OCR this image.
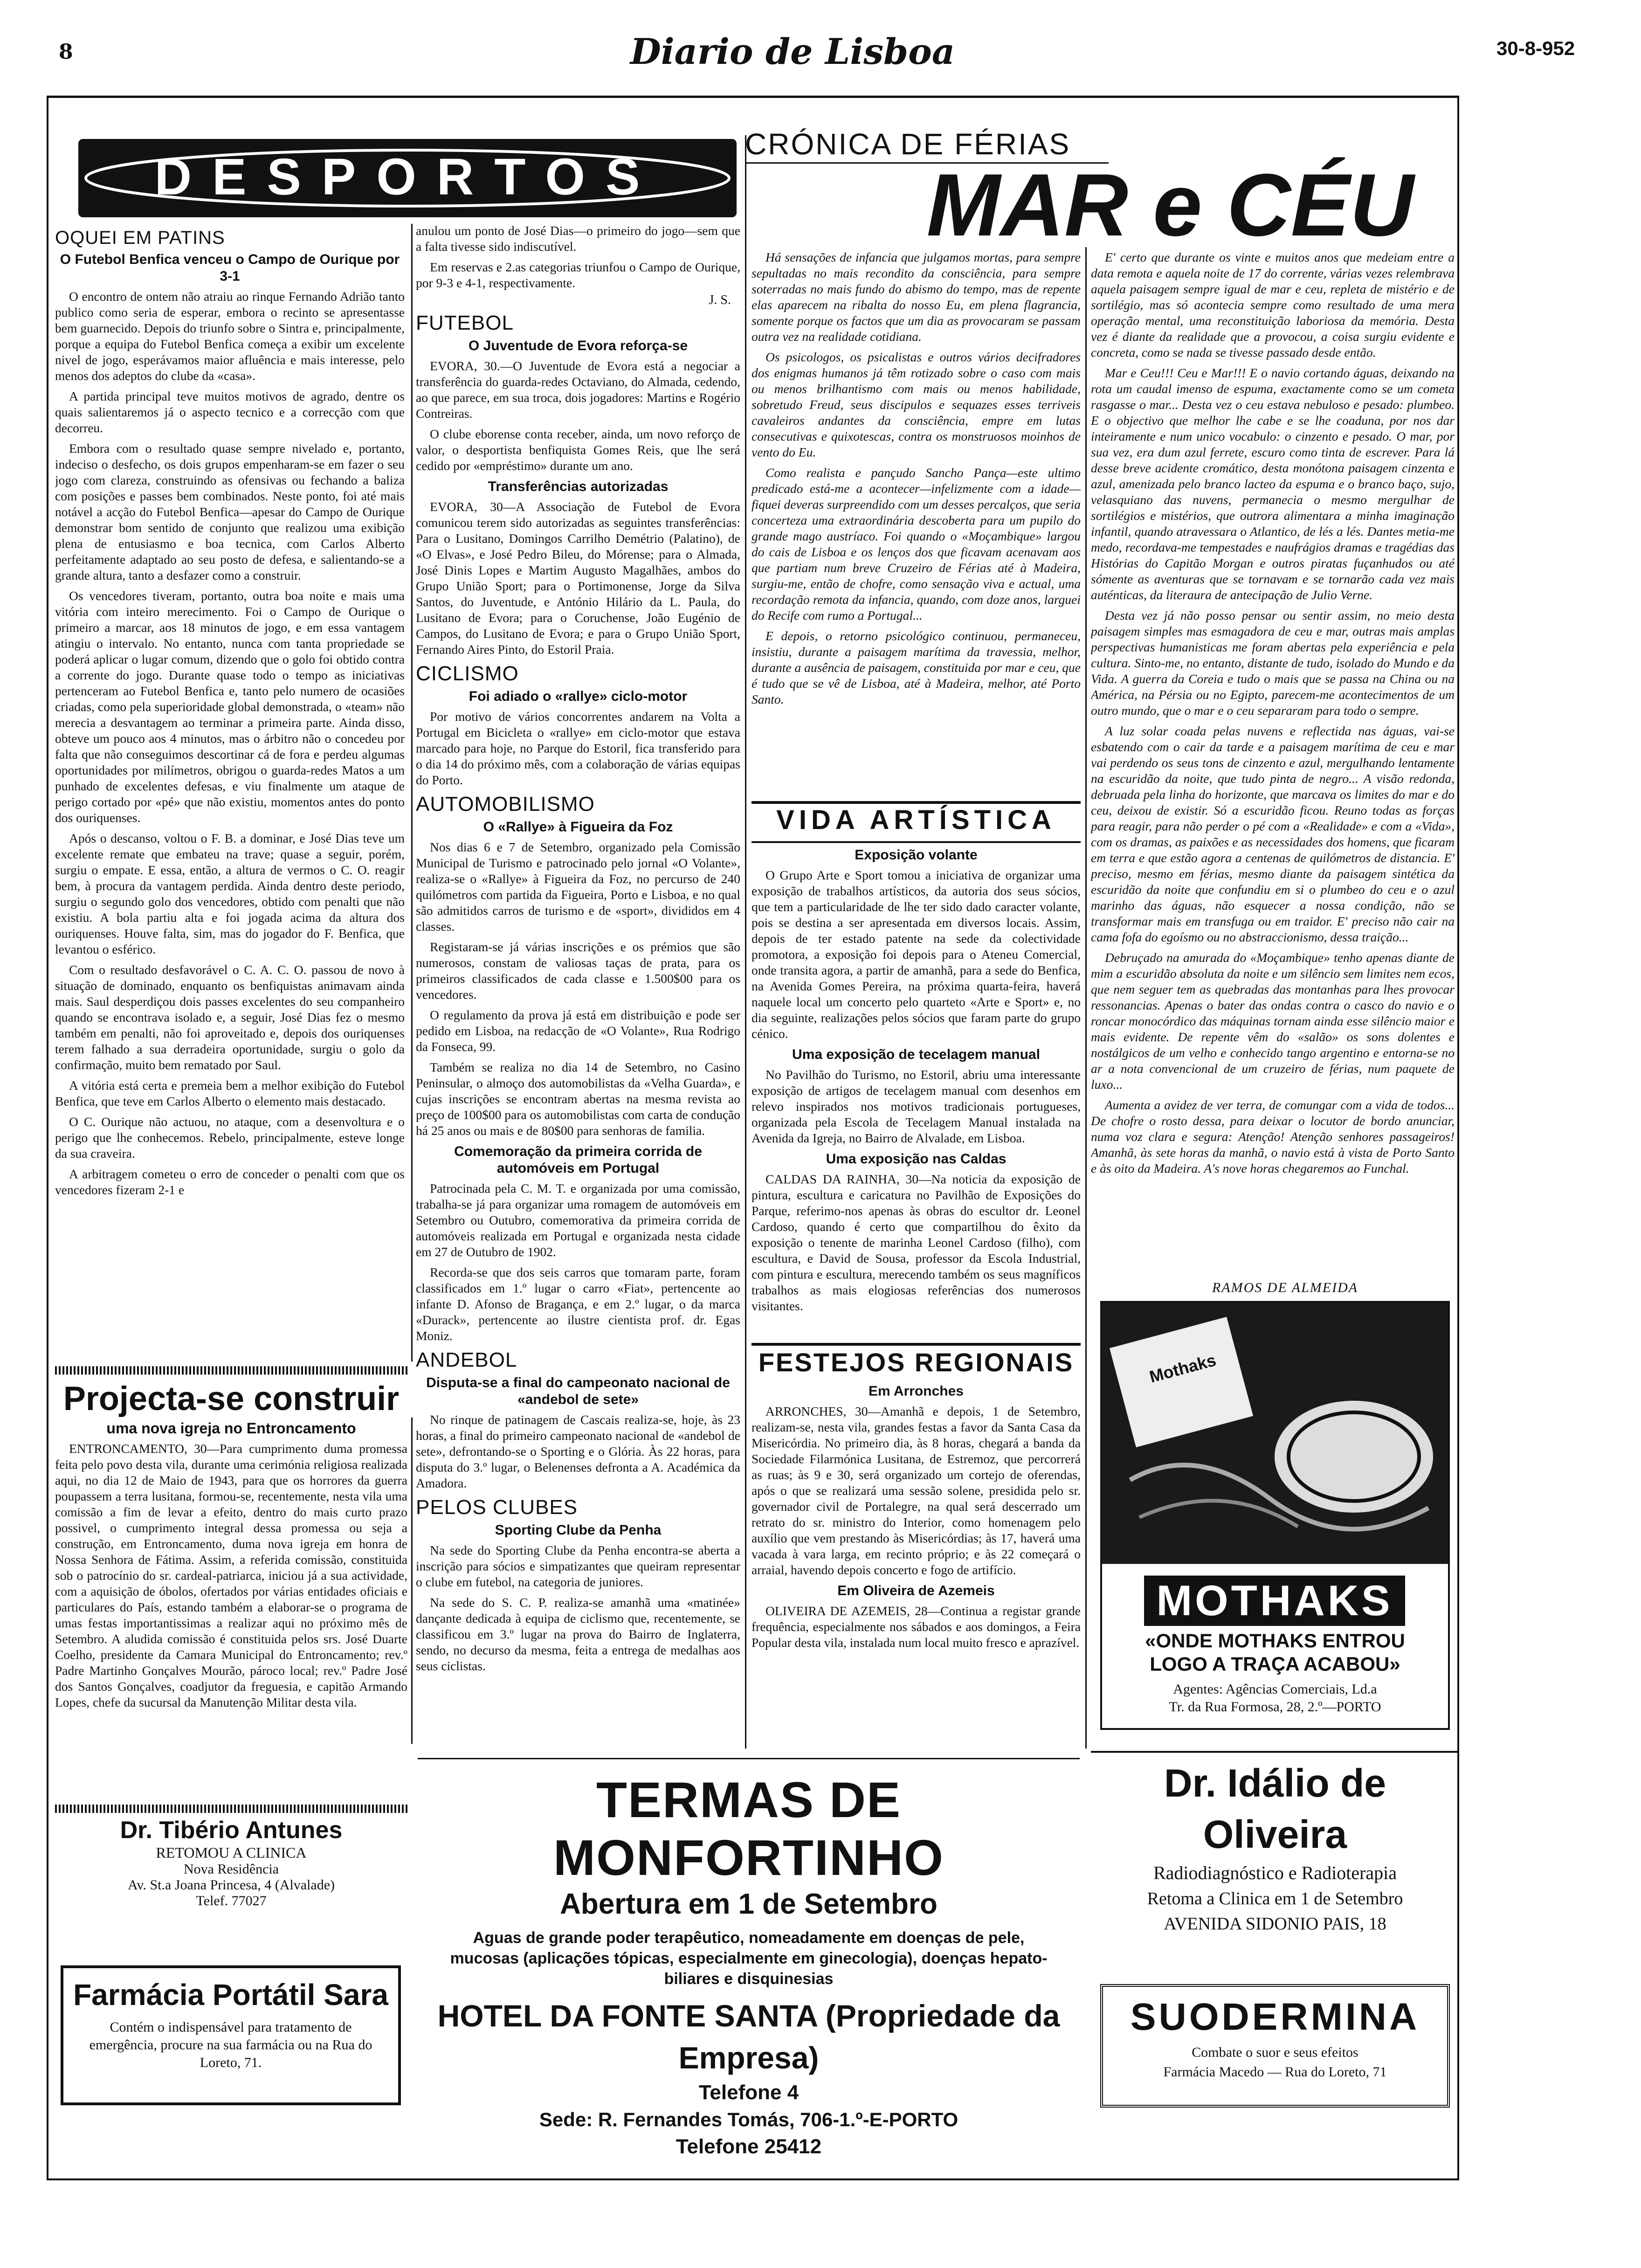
8	Diario de Lisboa	30-8-952
DESPORTOS
OQUEI EM PATINS
O Futebol Benfica venceu o Campo de Ourique por 3-1

O encontro de ontem não atraiu ao rinque Fernando Adrião tanto publico como seria de esperar, embora o recinto se apresentasse bem guarnecido. Depois do triunfo sobre o Sintra e, principalmente, porque a equipa do Futebol Benfica começa a exibir um excelente nivel de jogo, esperávamos maior afluência e mais interesse, pelo menos dos adeptos do clube da «casa».

A partida principal teve muitos motivos de agrado, dentre os quais salientaremos já o aspecto tecnico e a correcção com que decorreu.

Embora com o resultado quase sempre nivelado e, portanto, indeciso o desfecho, os dois grupos empenharam-se em fazer o seu jogo com clareza, construindo as ofensivas ou fechando a baliza com posições e passes bem combinados. Neste ponto, foi até mais notável a acção do Futebol Benfica—apesar do Campo de Ourique demonstrar bom sentido de conjunto que realizou uma exibição plena de entusiasmo e boa tecnica, com Carlos Alberto perfeitamente adaptado ao seu posto de defesa, e salientando-se a grande altura, tanto a desfazer como a construir.

Os vencedores tiveram, portanto, outra boa noite e mais uma vitória com inteiro merecimento. Foi o Campo de Ourique o primeiro a marcar, aos 18 minutos de jogo, e em essa vantagem atingiu o intervalo. No entanto, nunca com tanta propriedade se poderá aplicar o lugar comum, dizendo que o golo foi obtido contra a corrente do jogo. Durante quase todo o tempo as iniciativas pertenceram ao Futebol Benfica e, tanto pelo numero de ocasiões criadas, como pela superioridade global demonstrada, o «team» não merecia a desvantagem ao terminar a primeira parte. Ainda disso, obteve um pouco aos 4 minutos, mas o árbitro não o concedeu por falta que não conseguimos descortinar cá de fora e perdeu algumas oportunidades por milímetros, obrigou o guarda-redes Matos a um punhado de excelentes defesas, e viu finalmente um ataque de perigo cortado por «pé» que não existiu, momentos antes do ponto dos ouriquenses.

Após o descanso, voltou o F. B. a dominar, e José Dias teve um excelente remate que embateu na trave; quase a seguir, porém, surgiu o empate. E essa, então, a altura de vermos o C. O. reagir bem, à procura da vantagem perdida. Ainda dentro deste periodo, surgiu o segundo golo dos vencedores, obtido com penalti que não existiu. A bola partiu alta e foi jogada acima da altura dos ouriquenses. Houve falta, sim, mas do jogador do F. Benfica, que levantou o esférico.

Com o resultado desfavorável o C. A. C. O. passou de novo à situação de dominado, enquanto os benfiquistas animavam ainda mais. Saul desperdiçou dois passes excelentes do seu companheiro quando se encontrava isolado e, a seguir, José Dias fez o mesmo também em penalti, não foi aproveitado e, depois dos ouriquenses terem falhado a sua derradeira oportunidade, surgiu o golo da confirmação, muito bem rematado por Saul.

A vitória está certa e premeia bem a melhor exibição do Futebol Benfica, que teve em Carlos Alberto o elemento mais destacado.

O C. Ourique não actuou, no ataque, com a desenvoltura e o perigo que lhe conhecemos. Rebelo, principalmente, esteve longe da sua craveira.

A arbitragem cometeu o erro de conceder o penalti com que os vencedores fizeram 2-1 e

anulou um ponto de José Dias—o primeiro do jogo—sem que a falta tivesse sido indiscutível.

Em reservas e 2.as categorias triunfou o Campo de Ourique, por 9-3 e 4-1, respectivamente.

J. S.
FUTEBOL
O Juventude de Evora reforça-se

EVORA, 30.—O Juventude de Evora está a negociar a transferência do guarda-redes Octaviano, do Almada, cedendo, ao que parece, em sua troca, dois jogadores: Martins e Rogério Contreiras.

O clube eborense conta receber, ainda, um novo reforço de valor, o desportista benfiquista Gomes Reis, que lhe será cedido por «empréstimo» durante um ano.

Transferências autorizadas

EVORA, 30—A Associação de Futebol de Evora comunicou terem sido autorizadas as seguintes transferências: Para o Lusitano, Domingos Carrilho Demétrio (Palatino), de «O Elvas», e José Pedro Bileu, do Mórense; para o Almada, José Dinis Lopes e Martim Augusto Magalhães, ambos do Grupo União Sport; para o Portimonense, Jorge da Silva Santos, do Juventude, e António Hilário da L. Paula, do Lusitano de Evora; para o Coruchense, João Eugénio de Campos, do Lusitano de Evora; e para o Grupo União Sport, Fernando Aires Pinto, do Estoril Praia.

CICLISMO
Foi adiado o «rallye» ciclo-motor

Por motivo de vários concorrentes andarem na Volta a Portugal em Bicicleta o «rallye» em ciclo-motor que estava marcado para hoje, no Parque do Estoril, fica transferido para o dia 14 do próximo mês, com a colaboração de várias equipas do Porto.

AUTOMOBILISMO
O «Rallye» à Figueira da Foz

Nos dias 6 e 7 de Setembro, organizado pela Comissão Municipal de Turismo e patrocinado pelo jornal «O Volante», realiza-se o «Rallye» à Figueira da Foz, no percurso de 240 quilómetros com partida da Figueira, Porto e Lisboa, e no qual são admitidos carros de turismo e de «sport», divididos em 4 classes.

Registaram-se já várias inscrições e os prémios que são numerosos, constam de valiosas taças de prata, para os primeiros classificados de cada classe e 1.500$00 para os vencedores.

O regulamento da prova já está em distribuição e pode ser pedido em Lisboa, na redacção de «O Volante», Rua Rodrigo da Fonseca, 99.

Também se realiza no dia 14 de Setembro, no Casino Peninsular, o almoço dos automobilistas da «Velha Guarda», e cujas inscrições se encontram abertas na mesma revista ao preço de 100$00 para os automobilistas com carta de condução há 25 anos ou mais e de 80$00 para senhoras de familia.

Comemoração da primeira corrida de automóveis em Portugal

Patrocinada pela C. M. T. e organizada por uma comissão, trabalha-se já para organizar uma romagem de automóveis em Setembro ou Outubro, comemorativa da primeira corrida de automóveis realizada em Portugal e organizada nesta cidade em 27 de Outubro de 1902.

Recorda-se que dos seis carros que tomaram parte, foram classificados em 1.º lugar o carro «Fiat», pertencente ao infante D. Afonso de Bragança, e em 2.º lugar, o da marca «Durack», pertencente ao ilustre cientista prof. dr. Egas Moniz.

ANDEBOL
Disputa-se a final do campeonato nacional de «andebol de sete»

No rinque de patinagem de Cascais realiza-se, hoje, às 23 horas, a final do primeiro campeonato nacional de «andebol de sete», defrontando-se o Sporting e o Glória. Às 22 horas, para disputa do 3.º lugar, o Belenenses defronta a A. Académica da Amadora.

PELOS CLUBES
Sporting Clube da Penha

Na sede do Sporting Clube da Penha encontra-se aberta a inscrição para sócios e simpatizantes que queiram representar o clube em futebol, na categoria de juniores.

Na sede do S. C. P. realiza-se amanhã uma «matinée» dançante dedicada à equipa de ciclismo que, recentemente, se classificou em 3.º lugar na prova do Bairro de Inglaterra, sendo, no decurso da mesma, feita a entrega de medalhas aos seus ciclistas.

Projecta-se construir
uma nova igreja no Entroncamento

ENTRONCAMENTO, 30—Para cumprimento duma promessa feita pelo povo desta vila, durante uma cerimónia religiosa realizada aqui, no dia 12 de Maio de 1943, para que os horrores da guerra poupassem a terra lusitana, formou-se, recentemente, nesta vila uma comissão a fim de levar a efeito, dentro do mais curto prazo possivel, o cumprimento integral dessa promessa ou seja a construção, em Entroncamento, duma nova igreja em honra de Nossa Senhora de Fátima. Assim, a referida comissão, constituida sob o patrocínio do sr. cardeal-patriarca, iniciou já a sua actividade, com a aquisição de óbolos, ofertados por várias entidades oficiais e particulares do País, estando também a elaborar-se o programa de umas festas importantissimas a realizar aqui no próximo mês de Setembro. A aludida comissão é constituida pelos srs. José Duarte Coelho, presidente da Camara Municipal do Entroncamento; rev.º Padre Martinho Gonçalves Mourão, pároco local; rev.º Padre José dos Santos Gonçalves, coadjutor da freguesia, e capitão Armando Lopes, chefe da sucursal da Manutenção Militar desta vila.

Dr. Tibério Antunes
RETOMOU A CLINICA
Nova Residência
Av. St.a Joana Princesa, 4 (Alvalade)
Telef. 77027
Farmácia Portátil Sara
Contém o indispensável para tratamento de emergência, procure na sua farmácia ou na Rua do Loreto, 71.
TERMAS DE MONFORTINHO
Abertura em 1 de Setembro
Aguas de grande poder terapêutico, nomeadamente em doenças de pele, mucosas (aplicações tópicas, especialmente em ginecologia), doenças hepato-biliares e disquinesias
HOTEL DA FONTE SANTA (Propriedade da Empresa)
Telefone 4
Sede: R. Fernandes Tomás, 706-1.º-E-PORTO
Telefone 25412
CRÓNICA DE FÉRIAS
MAR e CÉU

Há sensações de infancia que julgamos mortas, para sempre sepultadas no mais recondito da consciência, para sempre soterradas no mais fundo do abismo do tempo, mas de repente elas aparecem na ribalta do nosso Eu, em plena flagrancia, somente porque os factos que um dia as provocaram se passam outra vez na realidade cotidiana.

Os psicologos, os psicalistas e outros vários decifradores dos enigmas humanos já têm rotizado sobre o caso com mais ou menos brilhantismo com mais ou menos habilidade, sobretudo Freud, seus discipulos e sequazes esses terriveis cavaleiros andantes da consciência, empre em lutas consecutivas e quixotescas, contra os monstruosos moinhos de vento do Eu.

Como realista e pançudo Sancho Pança—este ultimo predicado está-me a acontecer—infelizmente com a idade—fiquei deveras surpreendido com um desses percalços, que seria concerteza uma extraordinária descoberta para um pupilo do grande mago austríaco. Foi quando o «Moçambique» largou do cais de Lisboa e os lenços dos que ficavam acenavam aos que partiam num breve Cruzeiro de Férias até à Madeira, surgiu-me, então de chofre, como sensação viva e actual, uma recordação remota da infancia, quando, com doze anos, larguei do Recife com rumo a Portugal...

E depois, o retorno psicológico continuou, permaneceu, insistiu, durante a paisagem marítima da travessia, melhor, durante a ausência de paisagem, constituida por mar e ceu, que é tudo que se vê de Lisboa, até à Madeira, melhor, até Porto Santo.

E' certo que durante os vinte e muitos anos que medeiam entre a data remota e aquela noite de 17 do corrente, várias vezes relembrava aquela paisagem sempre igual de mar e ceu, repleta de mistério e de sortilégio, mas só acontecia sempre como resultado de uma mera operação mental, uma reconstituição laboriosa da memória. Desta vez é diante da realidade que a provocou, a coisa surgiu evidente e concreta, como se nada se tivesse passado desde então.

Mar e Ceu!!! Ceu e Mar!!! E o navio cortando águas, deixando na rota um caudal imenso de espuma, exactamente como se um cometa rasgasse o mar... Desta vez o ceu estava nebuloso e pesado: plumbeo. E o objectivo que melhor lhe cabe e se lhe coaduna, por nos dar inteiramente e num unico vocabulo: o cinzento e pesado. O mar, por sua vez, era dum azul ferrete, escuro como tinta de escrever. Para lá desse breve acidente cromático, desta monótona paisagem cinzenta e azul, amenizada pelo branco lacteo da espuma e o branco baço, sujo, velasquiano das nuvens, permanecia o mesmo mergulhar de sortilégios e mistérios, que outrora alimentara a minha imaginação infantil, quando atravessara o Atlantico, de lés a lés. Dantes metia-me medo, recordava-me tempestades e naufrágios dramas e tragédias das Histórias do Capitão Morgan e outros piratas fuçanhudos ou até sómente as aventuras que se tornavam e se tornarão cada vez mais auténticas, da literaura de antecipação de Julio Verne.

Desta vez já não posso pensar ou sentir assim, no meio desta paisagem simples mas esmagadora de ceu e mar, outras mais amplas perspectivas humanisticas me foram abertas pela experiência e pela cultura. Sinto-me, no entanto, distante de tudo, isolado do Mundo e da Vida. A guerra da Coreia e tudo o mais que se passa na China ou na América, na Pérsia ou no Egipto, parecem-me acontecimentos de um outro mundo, que o mar e o ceu separaram para todo o sempre.

A luz solar coada pelas nuvens e reflectida nas águas, vai-se esbatendo com o cair da tarde e a paisagem marítima de ceu e mar vai perdendo os seus tons de cinzento e azul, mergulhando lentamente na escuridão da noite, que tudo pinta de negro... A visão redonda, debruada pela linha do horizonte, que marcava os limites do mar e do ceu, deixou de existir. Só a escuridão ficou. Reuno todas as forças para reagir, para não perder o pé com a «Realidade» e com a «Vida», com os dramas, as paixões e as necessidades dos homens, que ficaram em terra e que estão agora a centenas de quilómetros de distancia. E' preciso, mesmo em férias, mesmo diante da paisagem sintética da escuridão da noite que confundiu em si o plumbeo do ceu e o azul marinho das águas, não esquecer a nossa condição, não se transformar mais em transfuga ou em traidor. E' preciso não cair na cama fofa do egoísmo ou no abstraccionismo, dessa traição...

Debruçado na amurada do «Moçambique» tenho apenas diante de mim a escuridão absoluta da noite e um silêncio sem limites nem ecos, que nem seguer tem as quebradas das montanhas para lhes provocar ressonancias. Apenas o bater das ondas contra o casco do navio e o roncar monocórdico das máquinas tornam ainda esse silêncio maior e mais evidente. De repente vêm do «salão» os sons dolentes e nostálgicos de um velho e conhecido tango argentino e entorna-se no ar a nota convencional de um cruzeiro de férias, num paquete de luxo...

Aumenta a avidez de ver terra, de comungar com a vida de todos... De chofre o rosto dessa, para deixar o locutor de bordo anunciar, numa voz clara e segura: Atenção! Atenção senhores passageiros! Amanhã, às sete horas da manhã, o navio está à vista de Porto Santo e às oito da Madeira. A's nove horas chegaremos ao Funchal.

RAMOS DE ALMEIDA
VIDA ARTÍSTICA
Exposição volante

O Grupo Arte e Sport tomou a iniciativa de organizar uma exposição de trabalhos artísticos, da autoria dos seus sócios, que tem a particularidade de lhe ter sido dado caracter volante, pois se destina a ser apresentada em diversos locais. Assim, depois de ter estado patente na sede da colectividade promotora, a exposição foi depois para o Ateneu Comercial, onde transita agora, a partir de amanhã, para a sede do Benfica, na Avenida Gomes Pereira, na próxima quarta-feira, haverá naquele local um concerto pelo quarteto «Arte e Sport» e, no dia seguinte, realizações pelos sócios que faram parte do grupo cénico.

Uma exposição de tecelagem manual

No Pavilhão do Turismo, no Estoril, abriu uma interessante exposição de artigos de tecelagem manual com desenhos em relevo inspirados nos motivos tradicionais portugueses, organizada pela Escola de Tecelagem Manual instalada na Avenida da Igreja, no Bairro de Alvalade, em Lisboa.

Uma exposição nas Caldas

CALDAS DA RAINHA, 30—Na noticia da exposição de pintura, escultura e caricatura no Pavilhão de Exposições do Parque, referimo-nos apenas às obras do escultor dr. Leonel Cardoso, quando é certo que compartilhou do êxito da exposição o tenente de marinha Leonel Cardoso (filho), com escultura, e David de Sousa, professor da Escola Industrial, com pintura e escultura, merecendo também os seus magníficos trabalhos as mais elogiosas referências dos numerosos visitantes.

FESTEJOS REGIONAIS
Em Arronches

ARRONCHES, 30—Amanhã e depois, 1 de Setembro, realizam-se, nesta vila, grandes festas a favor da Santa Casa da Misericórdia. No primeiro dia, às 8 horas, chegará a banda da Sociedade Filarmónica Lusitana, de Estremoz, que percorrerá as ruas; às 9 e 30, será organizado um cortejo de oferendas, após o que se realizará uma sessão solene, presidida pelo sr. governador civil de Portalegre, na qual será descerrado um retrato do sr. ministro do Interior, como homenagem pelo auxílio que vem prestando às Misericórdias; às 17, haverá uma vacada à vara larga, em recinto próprio; e às 22 começará o arraial, havendo depois concerto e fogo de artifício.

Em Oliveira de Azemeis

OLIVEIRA DE AZEMEIS, 28—Continua a registar grande frequência, especialmente nos sábados e aos domingos, a Feira Popular desta vila, instalada num local muito fresco e aprazível.

Mothaks
MOTHAKS
«ONDE MOTHAKS ENTROU
LOGO A TRAÇA ACABOU»
Agentes: Agências Comerciais, Ld.a
Tr. da Rua Formosa, 28, 2.º—PORTO
Dr. Idálio de Oliveira
Radiodiagnóstico e Radioterapia
Retoma a Clinica em 1 de Setembro
AVENIDA SIDONIO PAIS, 18
SUODERMINA
Combate o suor e seus efeitos
Farmácia Macedo — Rua do Loreto, 71
